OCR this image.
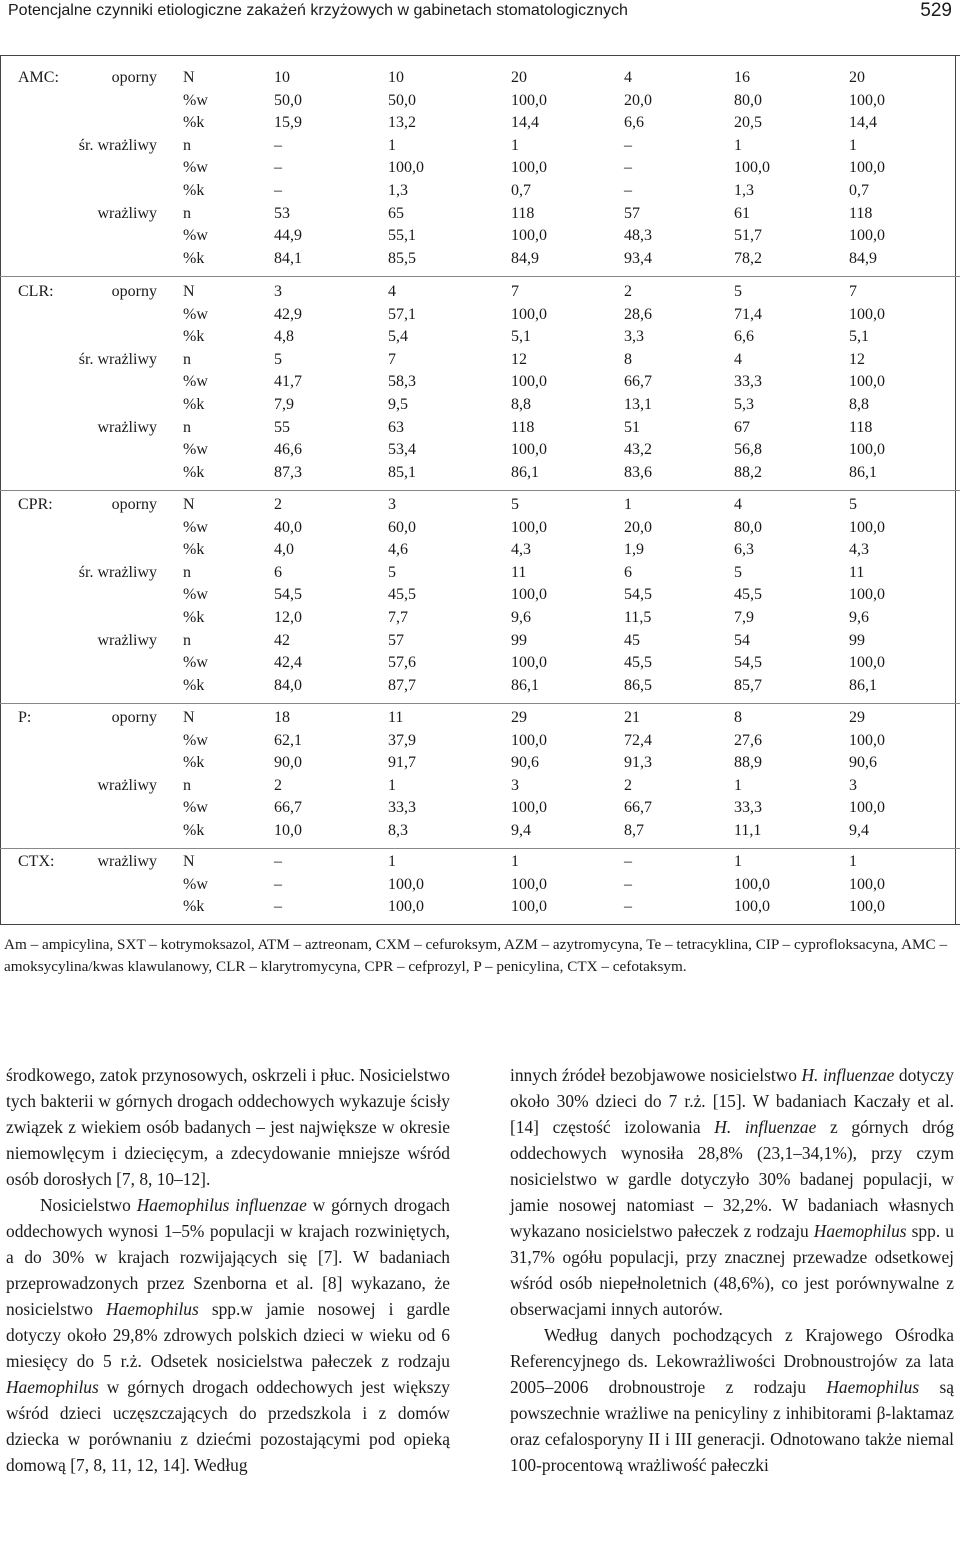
Potencjalne czynniki etiologiczne zakażeń krzyżowych w gabinetach stomatologicznych	529
AMC:	oporny N	10	10	20	4	16	20
%w	50,0	50,0	100,0	20,0	80,0	100,0
%k	15,9	13,2	14,4	6,6	20,5	14,4
śr. wrażliwy n	–	1	1	–	1	1
%w	–	100,0	100,0	–	100,0	100,0
%k	–	1,3	0,7	–	1,3	0,7
wrażliwy n	53	65	118	57	61	118
%w	44,9	55,1	100,0	48,3	51,7	100,0
%k	84,1	85,5	84,9	93,4	78,2	84,9
CLR:	oporny N	3	4	7	2	5	7
%w	42,9	57,1	100,0	28,6	71,4	100,0
%k	4,8	5,4	5,1	3,3	6,6	5,1
śr. wrażliwy n	5	7	12	8	4	12
%w	41,7	58,3	100,0	66,7	33,3	100,0
%k	7,9	9,5	8,8	13,1	5,3	8,8
wrażliwy n	55	63	118	51	67	118
%w	46,6	53,4	100,0	43,2	56,8	100,0
%k	87,3	85,1	86,1	83,6	88,2	86,1
CPR:	oporny N	2	3	5	1	4	5
%w	40,0	60,0	100,0	20,0	80,0	100,0
%k	4,0	4,6	4,3	1,9	6,3	4,3
śr. wrażliwy n	6	5	11	6	5	11
%w	54,5	45,5	100,0	54,5	45,5	100,0
%k	12,0	7,7	9,6	11,5	7,9	9,6
wrażliwy n	42	57	99	45	54	99
%w	42,4	57,6	100,0	45,5	54,5	100,0
%k	84,0	87,7	86,1	86,5	85,7	86,1
P:	oporny N	18	11	29	21	8	29
%w	62,1	37,9	100,0	72,4	27,6	100,0
%k	90,0	91,7	90,6	91,3	88,9	90,6
wrażliwy n	2	1	3	2	1	3
%w	66,7	33,3	100,0	66,7	33,3	100,0
%k	10,0	8,3	9,4	8,7	11,1	9,4
CTX:	wrażliwy N	–	1	1	–	1	1
%w	–	100,0	100,0	–	100,0	100,0
%k	–	100,0	100,0	–	100,0	100,0
Am – ampicylina, SXT – kotrymoksazol, ATM – aztreonam, CXM – cefuroksym, AZM – azytromycyna, Te – tetracyklina, CIP – cyprofloksacyna, AMC – amoksycylina/kwas klawulanowy, CLR – klarytromycyna, CPR – cefprozyl, P – penicylina, CTX – cefotaksym.

środkowego, zatok przynosowych, oskrzeli i płuc. Nosicielstwo tych bakterii w górnych drogach oddechowych wykazuje ścisły związek z wiekiem osób badanych – jest największe w okresie niemowlęcym i dziecięcym, a zdecydowanie mniejsze wśród osób dorosłych [7, 8, 10–12].

Nosicielstwo Haemophilus influenzae w górnych drogach oddechowych wynosi 1–5% populacji w krajach rozwiniętych, a do 30% w krajach rozwijających się [7]. W badaniach przeprowadzonych przez Szenborna et al. [8] wykazano, że nosicielstwo Haemophilus spp.w jamie nosowej i gardle dotyczy około 29,8% zdrowych polskich dzieci w wieku od 6 miesięcy do 5 r.ż. Odsetek nosicielstwa pałeczek z rodzaju Haemophilus w górnych drogach oddechowych jest większy wśród dzieci uczęszczających do przedszkola i z domów dziecka w porównaniu z dziećmi pozostającymi pod opieką domową [7, 8, 11, 12, 14]. Według

innych źródeł bezobjawowe nosicielstwo H. influenzae dotyczy około 30% dzieci do 7 r.ż. [15]. W badaniach Kaczały et al. [14] częstość izolowania H. influenzae z górnych dróg oddechowych wynosiła 28,8% (23,1–34,1%), przy czym nosicielstwo w gardle dotyczyło 30% badanej populacji, w jamie nosowej natomiast – 32,2%. W badaniach własnych wykazano nosicielstwo pałeczek z rodzaju Haemophilus spp. u 31,7% ogółu populacji, przy znacznej przewadze odsetkowej wśród osób niepełnoletnich (48,6%), co jest porównywalne z obserwacjami innych autorów.

Według danych pochodzących z Krajowego Ośrodka Referencyjnego ds. Lekowrażliwości Drobnoustrojów za lata 2005–2006 drobnoustroje z rodzaju Haemophilus są powszechnie wrażliwe na penicyliny z inhibitorami β-laktamaz oraz cefalosporyny II i III generacji. Odnotowano także niemal 100-procentową wrażliwość pałeczki
